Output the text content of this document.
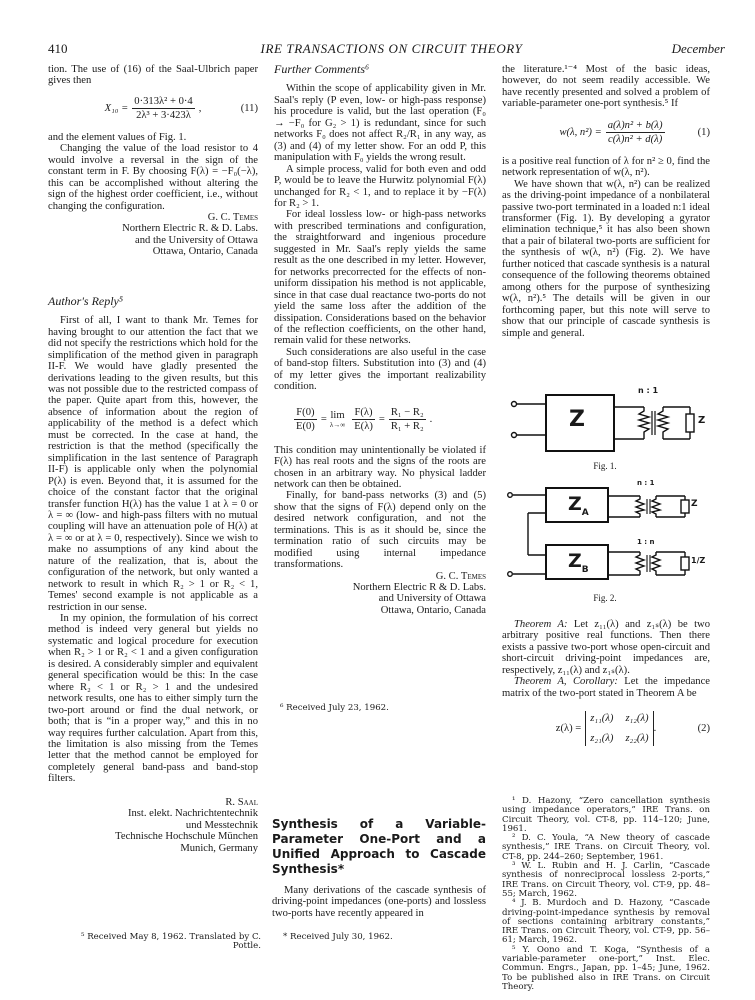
410	IRE TRANSACTIONS ON CIRCUIT THEORY	December

tion. The use of (16) of the Saal-Ulbrich paper gives then

$X_{10} = \frac{\text{0·313λ² + 0·4}}{\text{2λ³ + 3·423λ}}$ ,	(11)

and the element values of Fig. 1.

Changing the value of the load resistor to 4 would involve a reversal in the sign of the constant term in F. By choosing F(λ) = −F₀(−λ), this can be accomplished without altering the sign of the highest order coefficient, i.e., without changing the configuration.

G. C. Temes
Northern Electric R. & D. Labs.
and the University of Ottawa
Ottawa, Ontario, Canada
Author's Reply⁵

First of all, I want to thank Mr. Temes for having brought to our attention the fact that we did not specify the restrictions which hold for the simplification of the method given in paragraph II-F. We would have gladly presented the derivations leading to the given results, but this was not possible due to the restricted compass of the paper. Quite apart from this, however, the absence of information about the region of applicability of the method is a defect which must be corrected. In the case at hand, the restriction is that the method (specifically the simplification in the last sentence of Paragraph II-F) is applicable only when the polynomial P(λ) is even. Beyond that, it is assumed for the choice of the constant factor that the original transfer function H(λ) has the value 1 at λ = 0 or λ = ∞ (low- and high-pass filters with no mutual coupling will have an attenuation pole of H(λ) at λ = ∞ or at λ = 0, respectively). Since we wish to make no assumptions of any kind about the nature of the realization, that is, about the configuration of the network, but only wanted a network to result in which R₂ > 1 or R₂ < 1, Temes' second example is not applicable as a restriction in our sense.

In my opinion, the formulation of his correct method is indeed very general but yields no systematic and logical procedure for execution when R₂ > 1 or R₂ < 1 and a given configuration is desired. A considerably simpler and equivalent general specification would be this: In the case where R₂ < 1 or R₂ > 1 and the undesired network results, one has to either simply turn the two-port around or find the dual network, or both; that is “in a proper way,” and this in no way requires further calculation. Apart from this, the limitation is also missing from the Temes letter that the method cannot be employed for completely general band-pass and band-stop filters.

R. Saal
Inst. elekt. Nachrichtentechnik
und Messtechnik
Technische Hochschule München
Munich, Germany
⁵ Received May 8, 1962. Translated by C. Pottle.
Further Comments⁶

Within the scope of applicability given in Mr. Saal's reply (P even, low- or high-pass response) his procedure is valid, but the last operation (F₀ → −F₀ for G₂ > 1) is redundant, since for such networks F₀ does not affect R₂/R₁ in any way, as (3) and (4) of my letter show. For an odd P, this manipulation with F₀ yields the wrong result.

A simple process, valid for both even and odd P, would be to leave the Hurwitz polynomial F(λ) unchanged for R₂ < 1, and to replace it by −F(λ) for R₂ > 1.

For ideal lossless low- or high-pass networks with prescribed terminations and configuration, the straightforward and ingenious procedure suggested in Mr. Saal's reply yields the same result as the one described in my letter. However, for networks precorrected for the effects of non-uniform dissipation his method is not applicable, since in that case dual reactance two-ports do not yield the same loss after the addition of the dissipation. Considerations based on the behavior of the reflection coefficients, on the other hand, remain valid for these networks.

Such considerations are also useful in the case of band-stop filters. Substitution into (3) and (4) of my letter gives the important realizability condition.

$\frac{F(0)}{E(0)} = \lim$
$\lambda\to\infty \frac{F(\lambda)}{E(\lambda)} = \frac{\text{R₁ − R₂}}{\text{R₁ + R₂}}$ .

This condition may unintentionally be violated if F(λ) has real roots and the signs of the roots are chosen in an arbitrary way. No physical ladder network can then be obtained.

Finally, for band-pass networks (3) and (5) show that the signs of F(λ) depend only on the desired network configuration, and not the terminations. This is as it should be, since the termination ratio of such circuits may be modified using internal impedance transformations.

G. C. Temes
Northern Electric R & D. Labs.
and University of Ottawa
Ottawa, Ontario, Canada
⁶ Received July 23, 1962.
Synthesis of a Variable-Parameter One-Port and a Unified Approach to Cascade Synthesis*

Many derivations of the cascade synthesis of driving-point impedances (one-ports) and lossless two-ports have recently appeared in

* Received July 30, 1962.

the literature.¹⁻⁴ Most of the basic ideas, however, do not seem readily accessible. We have recently presented and solved a problem of variable-parameter one-port synthesis.⁵ If

w(λ, $n^2) = \frac{\text{a(λ)n² + b(λ)}}{\text{c(λ)n² + d(λ)}}$	(1)

is a positive real function of λ for n² ≥ 0, find the network representation of w(λ, n²).

We have shown that w(λ, n²) can be realized as the driving-point impedance of a nonbilateral passive two-port terminated in a loaded n:1 ideal transformer (Fig. 1). By developing a gyrator elimination technique,⁵ it has also been shown that a pair of bilateral two-ports are sufficient for the synthesis of w(λ, n²) (Fig. 2). We have further noticed that cascade synthesis is a natural consequence of the following theorems obtained among others for the purpose of synthesizing w(λ, n²).⁵ The details will be given in our forthcoming paper, but this note will serve to show that our principle of cascade synthesis is simple and general.

Z
n : 1
Z
Fig. 1.
$Z_A$
$Z_B$
n : 1
1 : n
Z
1/Z
Fig. 2.

Theorem A: Let z₁₁(λ) and z₁ₛ(λ) be two arbitrary positive real functions. Then there exists a passive two-port whose open-circuit and short-circuit driving-point impedances are, respectively, z₁₁(λ) and z₁ₛ(λ).

Theorem A, Corollary: Let the impedance matrix of the two-port stated in Theorem A be

z(λ) =
z₁₁(λ) z₁₂(λ)
z₂₁(λ) z₂₂(λ)
.	(2)

¹ D. Hazony, “Zero cancellation synthesis using impedance operators,” IRE Trans. on Circuit Theory, vol. CT-8, pp. 114–120; June, 1961.

² D. C. Youla, “A New theory of cascade synthesis,” IRE Trans. on Circuit Theory, vol. CT-8, pp. 244–260; September, 1961.

³ W. L. Rubin and H. J. Carlin, “Cascade synthesis of nonreciprocal lossless 2-ports,” IRE Trans. on Circuit Theory, vol. CT-9, pp. 48–55; March, 1962.

⁴ J. B. Murdoch and D. Hazony, “Cascade driving-point-impedance synthesis by removal of sections containing arbitrary constants,” IRE Trans. on Circuit Theory, vol. CT-9, pp. 56–61; March, 1962.

⁵ Y. Oono and T. Koga, “Synthesis of a variable-parameter one-port,” Inst. Elec. Commun. Engrs., Japan, pp. 1–45; June, 1962. To be published also in IRE Trans. on Circuit Theory.
